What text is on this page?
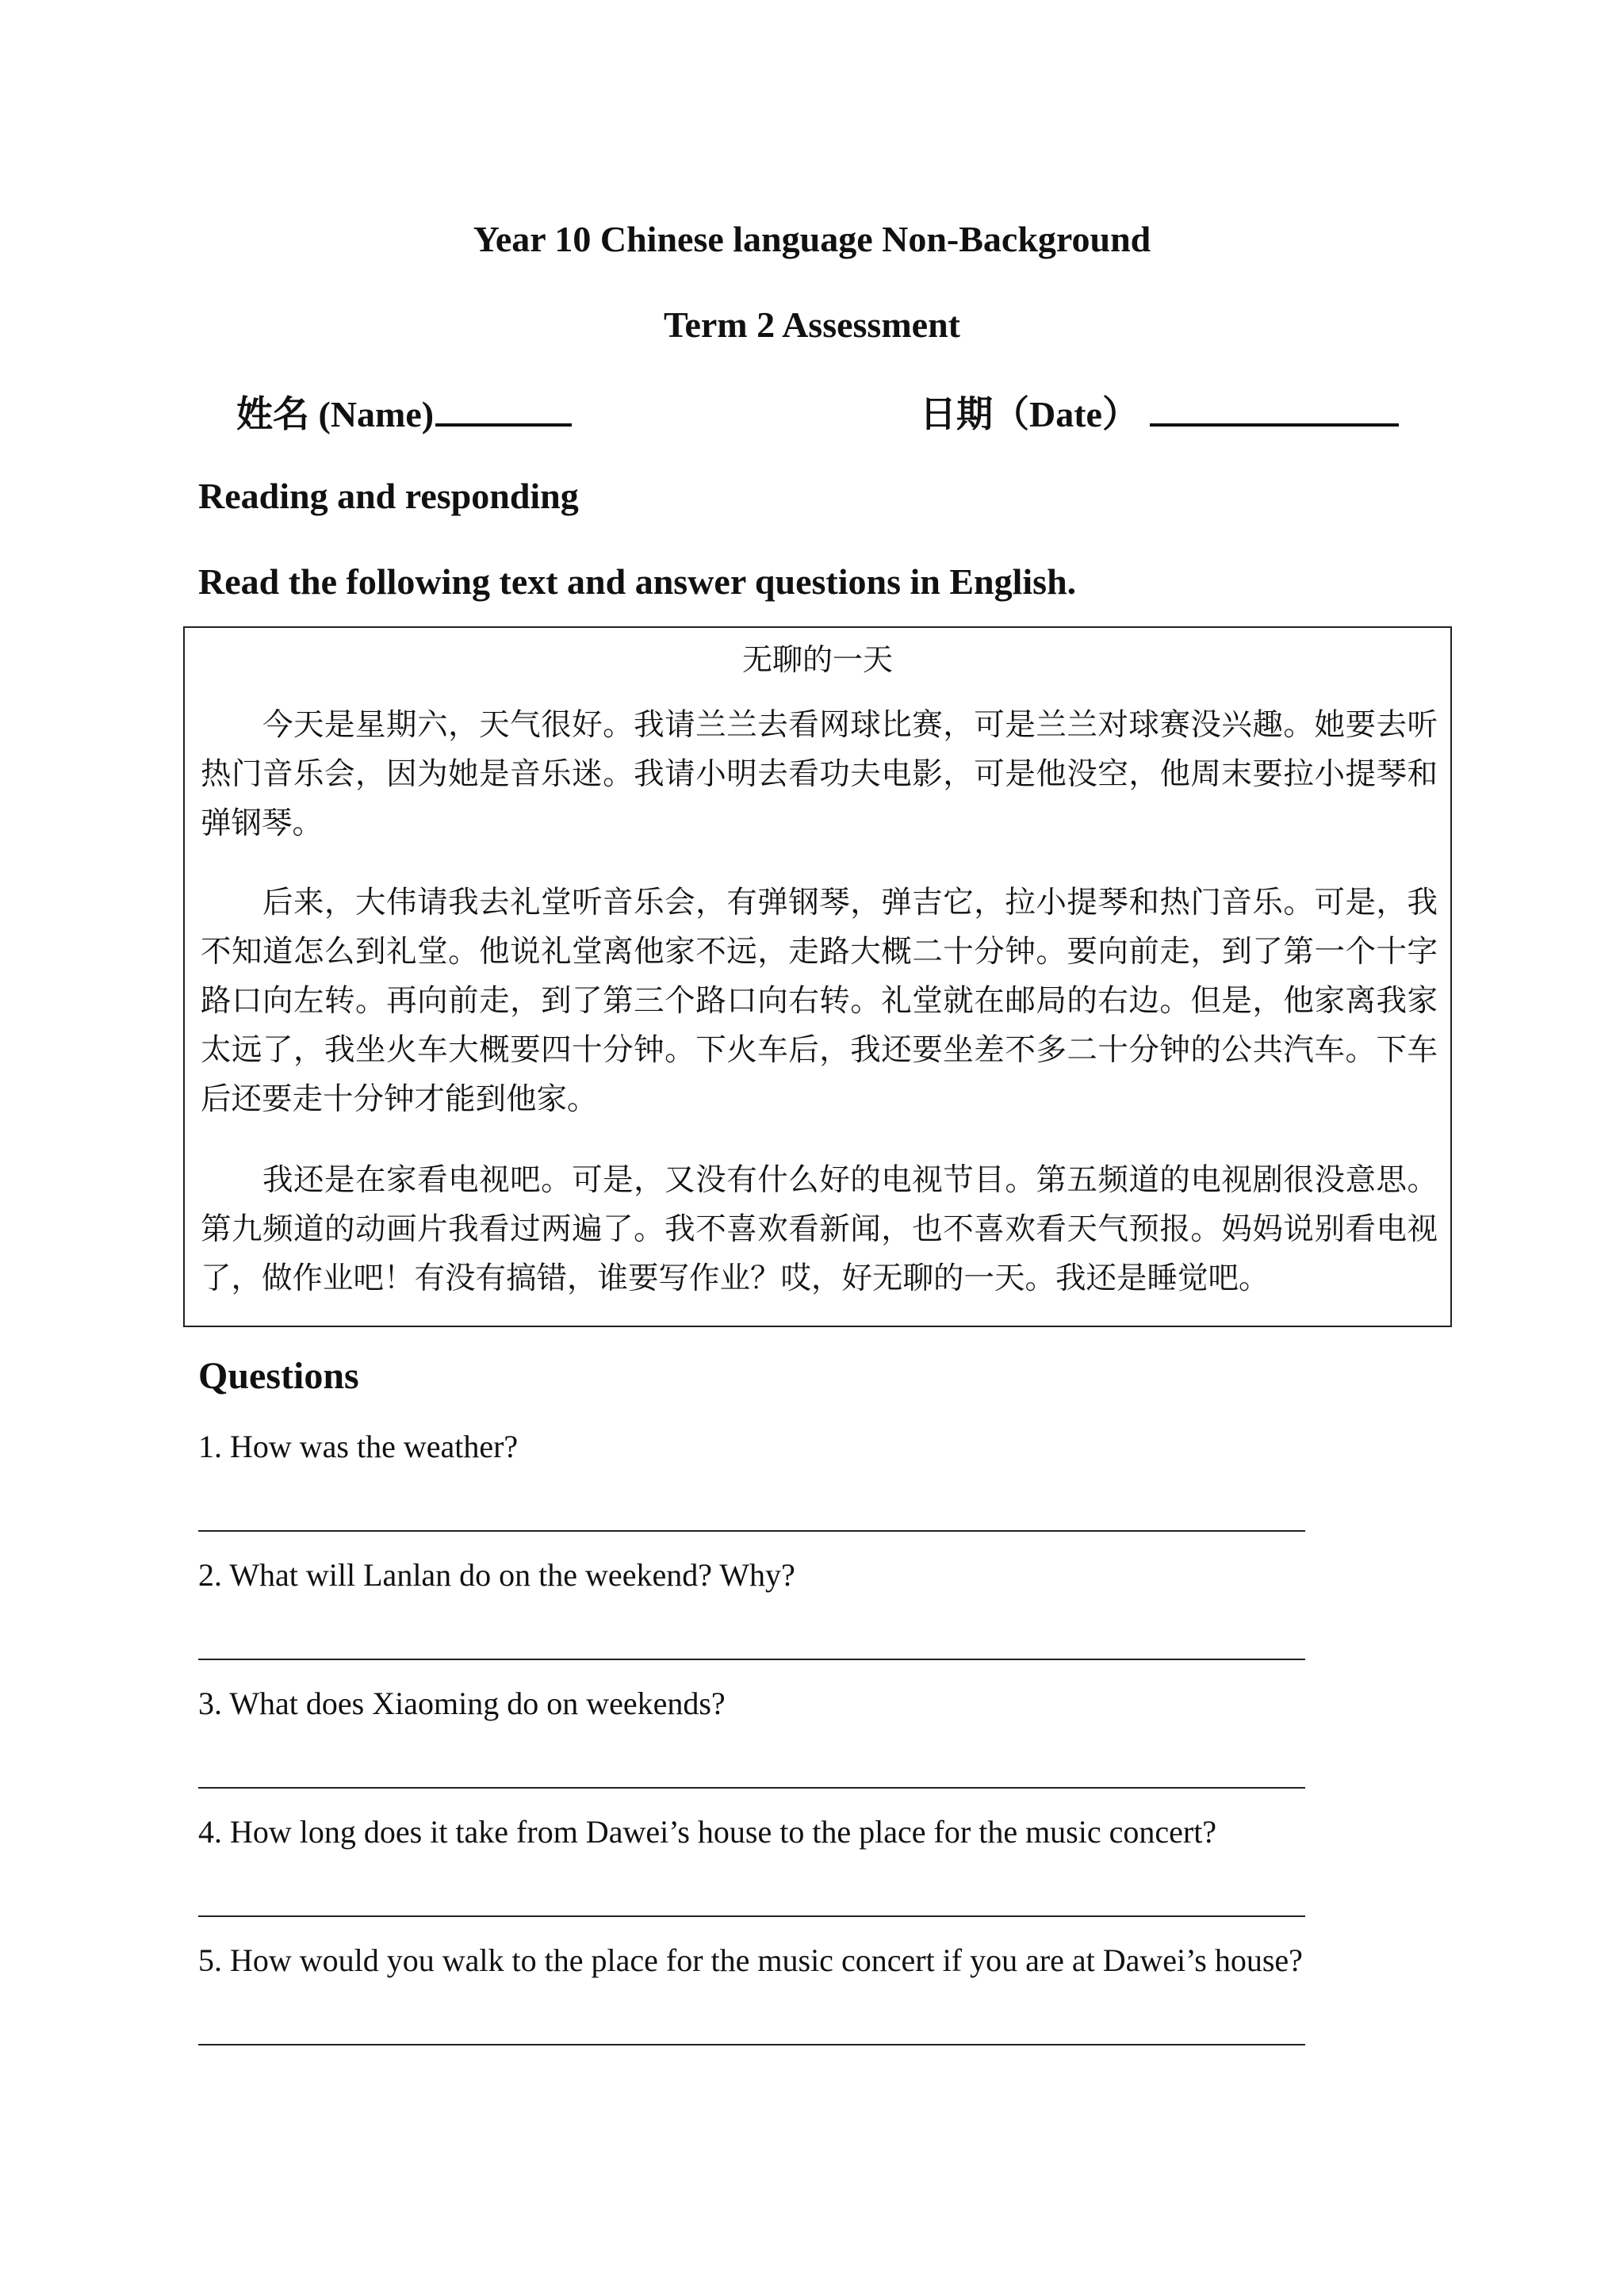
Year 10 Chinese language Non-Background
Term 2 Assessment
姓名 (Name)	日期（Date）
Reading and responding
Read the following text and answer questions in English.
无聊的一天

今天是星期六，天气很好。我请兰兰去看网球比赛，可是兰兰对球赛没兴趣。她要去听热门音乐会，因为她是音乐迷。我请小明去看功夫电影，可是他没空，他周末要拉小提琴和弹钢琴。

后来，大伟请我去礼堂听音乐会，有弹钢琴，弹吉它，拉小提琴和热门音乐。可是，我不知道怎么到礼堂。他说礼堂离他家不远，走路大概二十分钟。要向前走，到了第一个十字路口向左转。再向前走，到了第三个路口向右转。礼堂就在邮局的右边。但是，他家离我家太远了，我坐火车大概要四十分钟。下火车后，我还要坐差不多二十分钟的公共汽车。下车后还要走十分钟才能到他家。

我还是在家看电视吧。可是，又没有什么好的电视节目。第五频道的电视剧很没意思。第九频道的动画片我看过两遍了。我不喜欢看新闻，也不喜欢看天气预报。妈妈说别看电视了，做作业吧！有没有搞错，谁要写作业？哎，好无聊的一天。我还是睡觉吧。

Questions
1. How was the weather?
2. What will Lanlan do on the weekend? Why?
3. What does Xiaoming do on weekends?
4. How long does it take from Dawei’s house to the place for the music concert?
5. How would you walk to the place for the music concert if you are at Dawei’s house?
